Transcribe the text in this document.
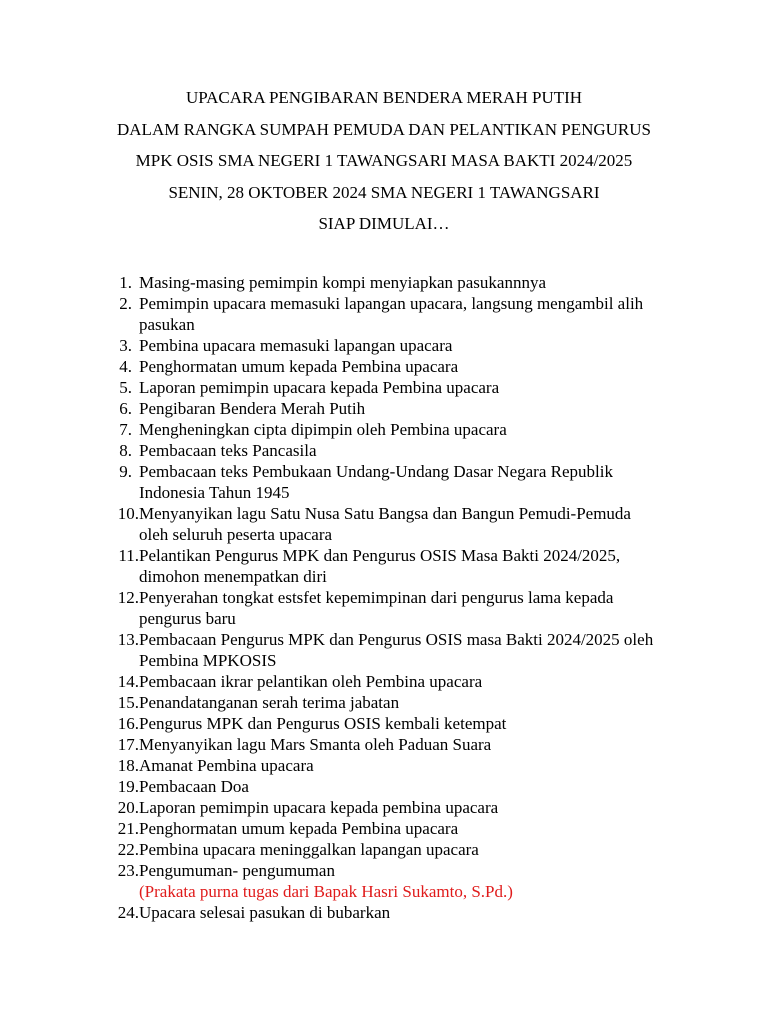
UPACARA PENGIBARAN BENDERA MERAH PUTIH
DALAM RANGKA SUMPAH PEMUDA DAN PELANTIKAN PENGURUS
MPK OSIS SMA NEGERI 1 TAWANGSARI MASA BAKTI 2024/2025
SENIN, 28 OKTOBER 2024 SMA NEGERI 1 TAWANGSARI
SIAP DIMULAI…
1. Masing-masing pemimpin kompi menyiapkan pasukannnya
2. Pemimpin upacara memasuki lapangan upacara, langsung mengambil alih
pasukan
3. Pembina upacara memasuki lapangan upacara
4. Penghormatan umum kepada Pembina upacara
5. Laporan pemimpin upacara kepada Pembina upacara
6. Pengibaran Bendera Merah Putih
7. Mengheningkan cipta dipimpin oleh Pembina upacara
8. Pembacaan teks Pancasila
9. Pembacaan teks Pembukaan Undang-Undang Dasar Negara Republik
Indonesia Tahun 1945
10. Menyanyikan lagu Satu Nusa Satu Bangsa dan Bangun Pemudi-Pemuda
oleh seluruh peserta upacara
11. Pelantikan Pengurus MPK dan Pengurus OSIS Masa Bakti 2024/2025,
dimohon menempatkan diri
12. Penyerahan tongkat estsfet kepemimpinan dari pengurus lama kepada
pengurus baru
13. Pembacaan Pengurus MPK dan Pengurus OSIS masa Bakti 2024/2025 oleh
Pembina MPKOSIS
14. Pembacaan ikrar pelantikan oleh Pembina upacara
15. Penandatanganan serah terima jabatan
16. Pengurus MPK dan Pengurus OSIS kembali ketempat
17. Menyanyikan lagu Mars Smanta oleh Paduan Suara
18. Amanat Pembina upacara
19. Pembacaan Doa
20. Laporan pemimpin upacara kepada pembina upacara
21. Penghormatan umum kepada Pembina upacara
22. Pembina upacara meninggalkan lapangan upacara
23. Pengumuman- pengumuman
(Prakata purna tugas dari Bapak Hasri Sukamto, S.Pd.)
24. Upacara selesai pasukan di bubarkan
